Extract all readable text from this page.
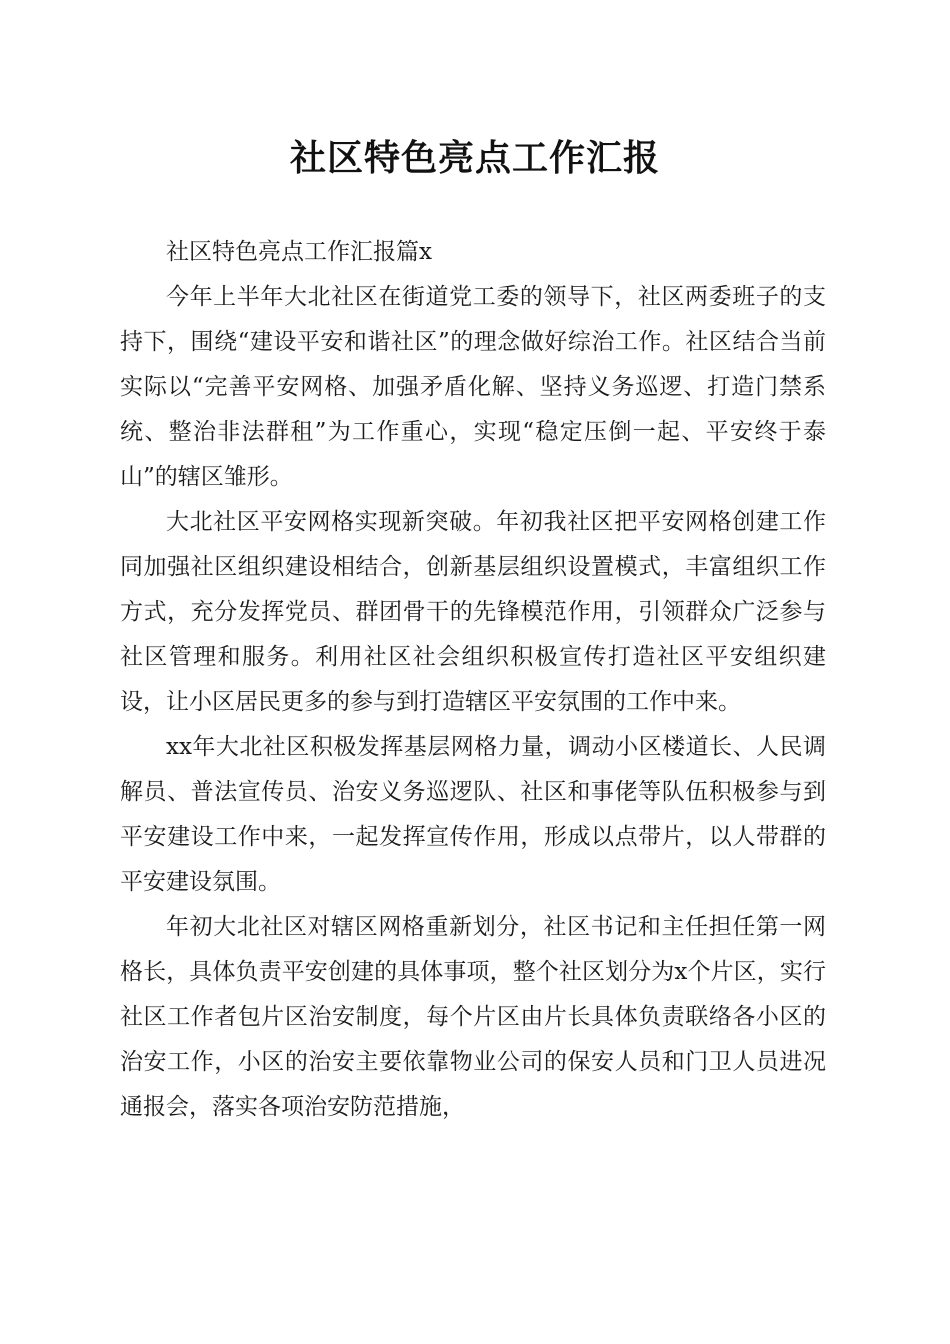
社区特色亮点工作汇报

社区特色亮点工作汇报篇x

今年上半年大北社区在街道党工委的领导下，社区两委班子的支持下，围绕“建设平安和谐社区”的理念做好综治工作。社区结合当前实际以“完善平安网格、加强矛盾化解、坚持义务巡逻、打造门禁系统、整治非法群租”为工作重心，实现“稳定压倒一起、平安终于泰山”的辖区雏形。

大北社区平安网格实现新突破。年初我社区把平安网格创建工作同加强社区组织建设相结合，创新基层组织设置模式，丰富组织工作方式，充分发挥党员、群团骨干的先锋模范作用，引领群众广泛参与社区管理和服务。利用社区社会组织积极宣传打造社区平安组织建设，让小区居民更多的参与到打造辖区平安氛围的工作中来。

xx年大北社区积极发挥基层网格力量，调动小区楼道长、人民调解员、普法宣传员、治安义务巡逻队、社区和事佬等队伍积极参与到平安建设工作中来，一起发挥宣传作用，形成以点带片，以人带群的平安建设氛围。

年初大北社区对辖区网格重新划分，社区书记和主任担任第一网格长，具体负责平安创建的具体事项，整个社区划分为x个片区，实行社区工作者包片区治安制度，每个片区由片长具体负责联络各小区的治安工作，小区的治安主要依靠物业公司的保安人员和门卫人员进况通报会，落实各项治安防范措施，
